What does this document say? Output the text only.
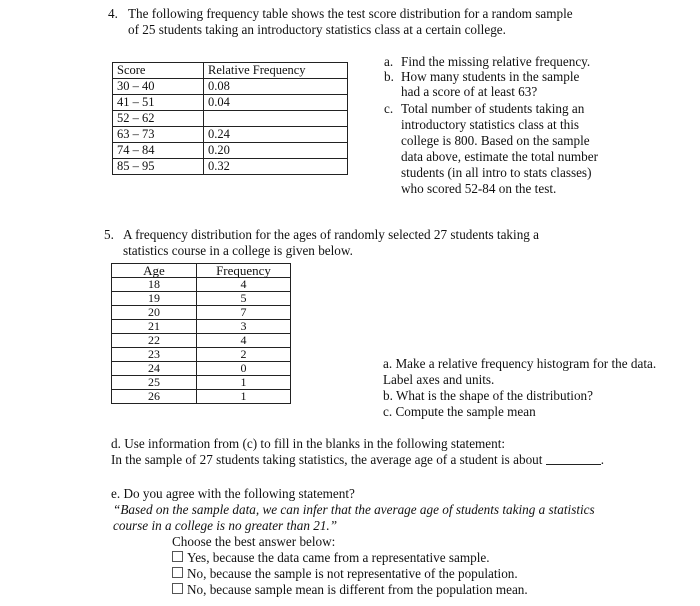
4. The following frequency table shows the test score distribution for a random sample
of 25 students taking an introductory statistics class at a certain college.
Score	Relative Frequency
30 – 40	0.08
41 – 51	0.04
52 – 62	
63 – 73	0.24
74 – 84	0.20
85 – 95	0.32
a. Find the missing relative frequency.
b. How many students in the sample
had a score of at least 63?
c. Total number of students taking an
introductory statistics class at this
college is 800. Based on the sample
data above, estimate the total number
students (in all intro to stats classes)
who scored 52-84 on the test.
5. A frequency distribution for the ages of randomly selected 27 students taking a
statistics course in a college is given below.
Age	Frequency
18	4
19	5
20	7
21	3
22	4
23	2
24	0
25	1
26	1
a. Make a relative frequency histogram for the data.
Label axes and units.
b. What is the shape of the distribution?
c. Compute the sample mean
d. Use information from (c) to fill in the blanks in the following statement:
In the sample of 27 students taking statistics, the average age of a student is about	.
e. Do you agree with the following statement?
“Based on the sample data, we can infer that the average age of students taking a statistics
course in a college is no greater than 21.”
Choose the best answer below:
Yes, because the data came from a representative sample.
No, because the sample is not representative of the population.
No, because sample mean is different from the population mean.
